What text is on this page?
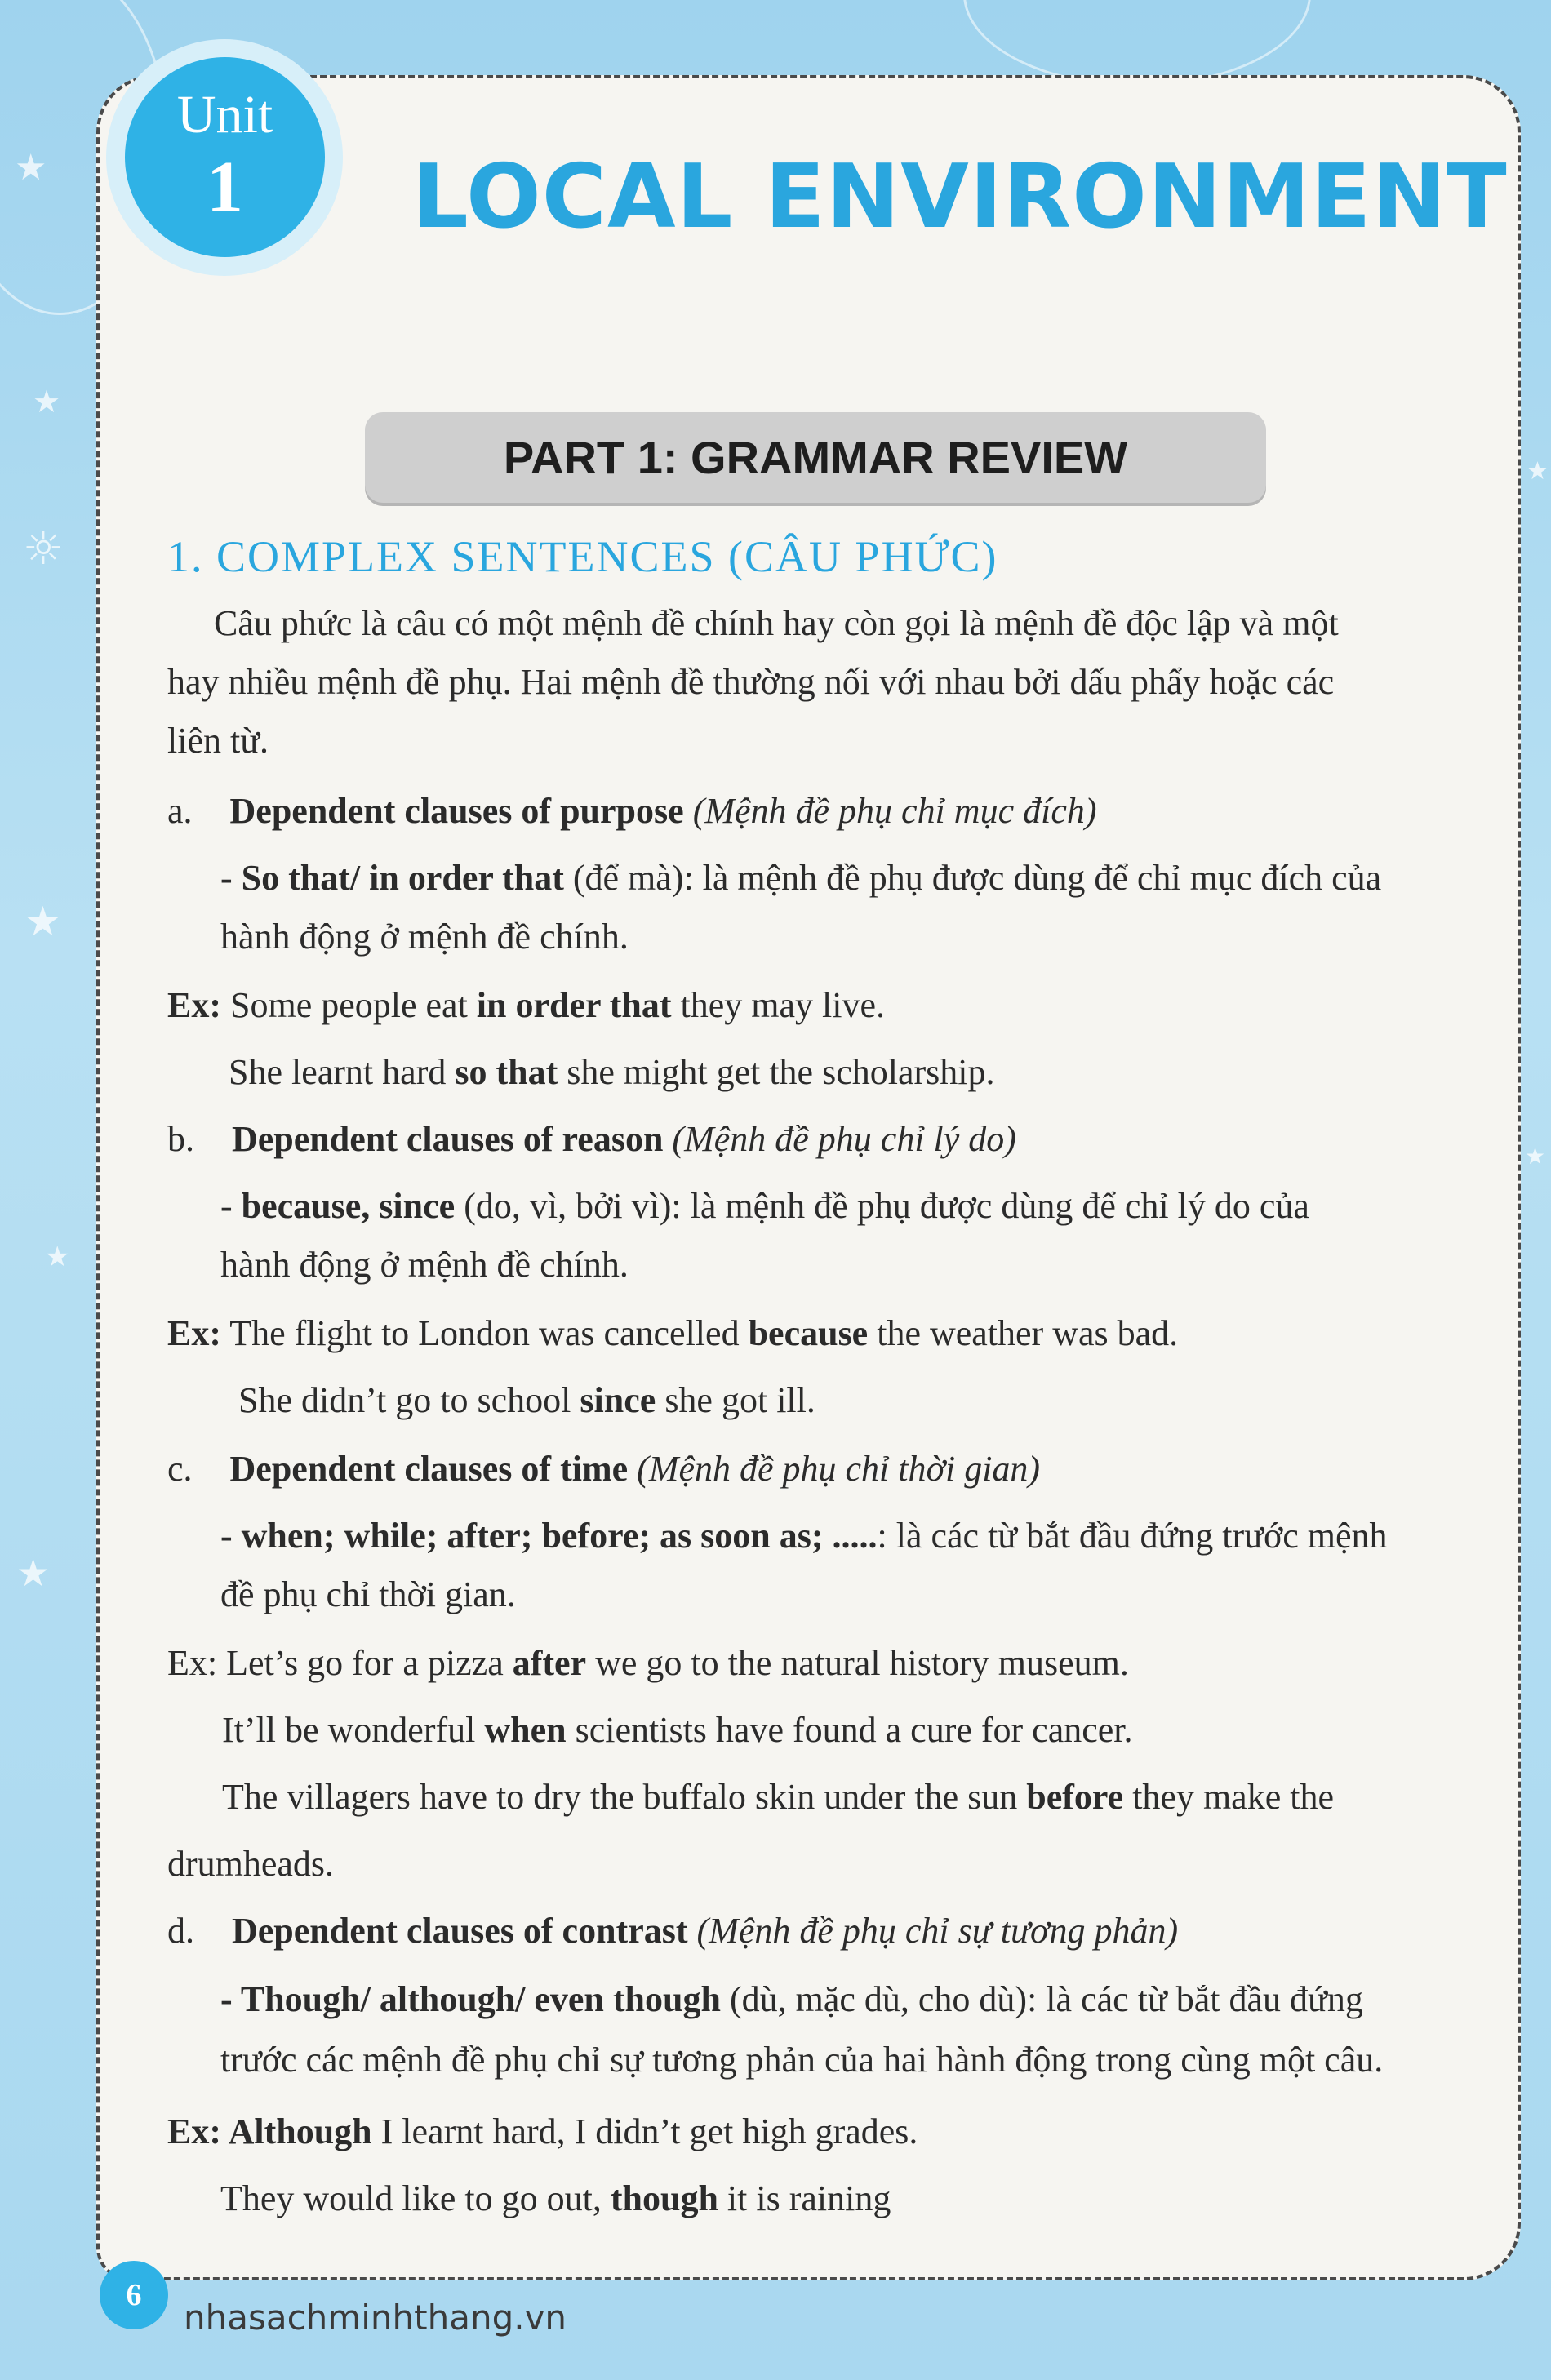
★
★
★
★
★
★
★
☼
Unit
1	LOCAL ENVIRONMENT
PART 1: GRAMMAR REVIEW
1. COMPLEX SENTENCES (CÂU PHỨC)
Câu phức là câu có một mệnh đề chính hay còn gọi là mệnh đề độc lập và một
hay nhiều mệnh đề phụ. Hai mệnh đề thường nối với nhau bởi dấu phẩy hoặc các
liên từ.
a. Dependent clauses of purpose (Mệnh đề phụ chỉ mục đích)
- So that/ in order that (để mà): là mệnh đề phụ được dùng để chỉ mục đích của
hành động ở mệnh đề chính.
Ex: Some people eat in order that they may live.
She learnt hard so that she might get the scholarship.
b. Dependent clauses of reason (Mệnh đề phụ chỉ lý do)
- because, since (do, vì, bởi vì): là mệnh đề phụ được dùng để chỉ lý do của
hành động ở mệnh đề chính.
Ex: The flight to London was cancelled because the weather was bad.
She didn’t go to school since she got ill.
c. Dependent clauses of time (Mệnh đề phụ chỉ thời gian)
- when; while; after; before; as soon as; .....: là các từ bắt đầu đứng trước mệnh
đề phụ chỉ thời gian.
Ex: Let’s go for a pizza after we go to the natural history museum.
It’ll be wonderful when scientists have found a cure for cancer.
The villagers have to dry the buffalo skin under the sun before they make the
drumheads.
d. Dependent clauses of contrast (Mệnh đề phụ chỉ sự tương phản)
- Though/ although/ even though (dù, mặc dù, cho dù): là các từ bắt đầu đứng
trước các mệnh đề phụ chỉ sự tương phản của hai hành động trong cùng một câu.
Ex: Although I learnt hard, I didn’t get high grades.
They would like to go out, though it is raining
6
nhasachminhthang.vn
